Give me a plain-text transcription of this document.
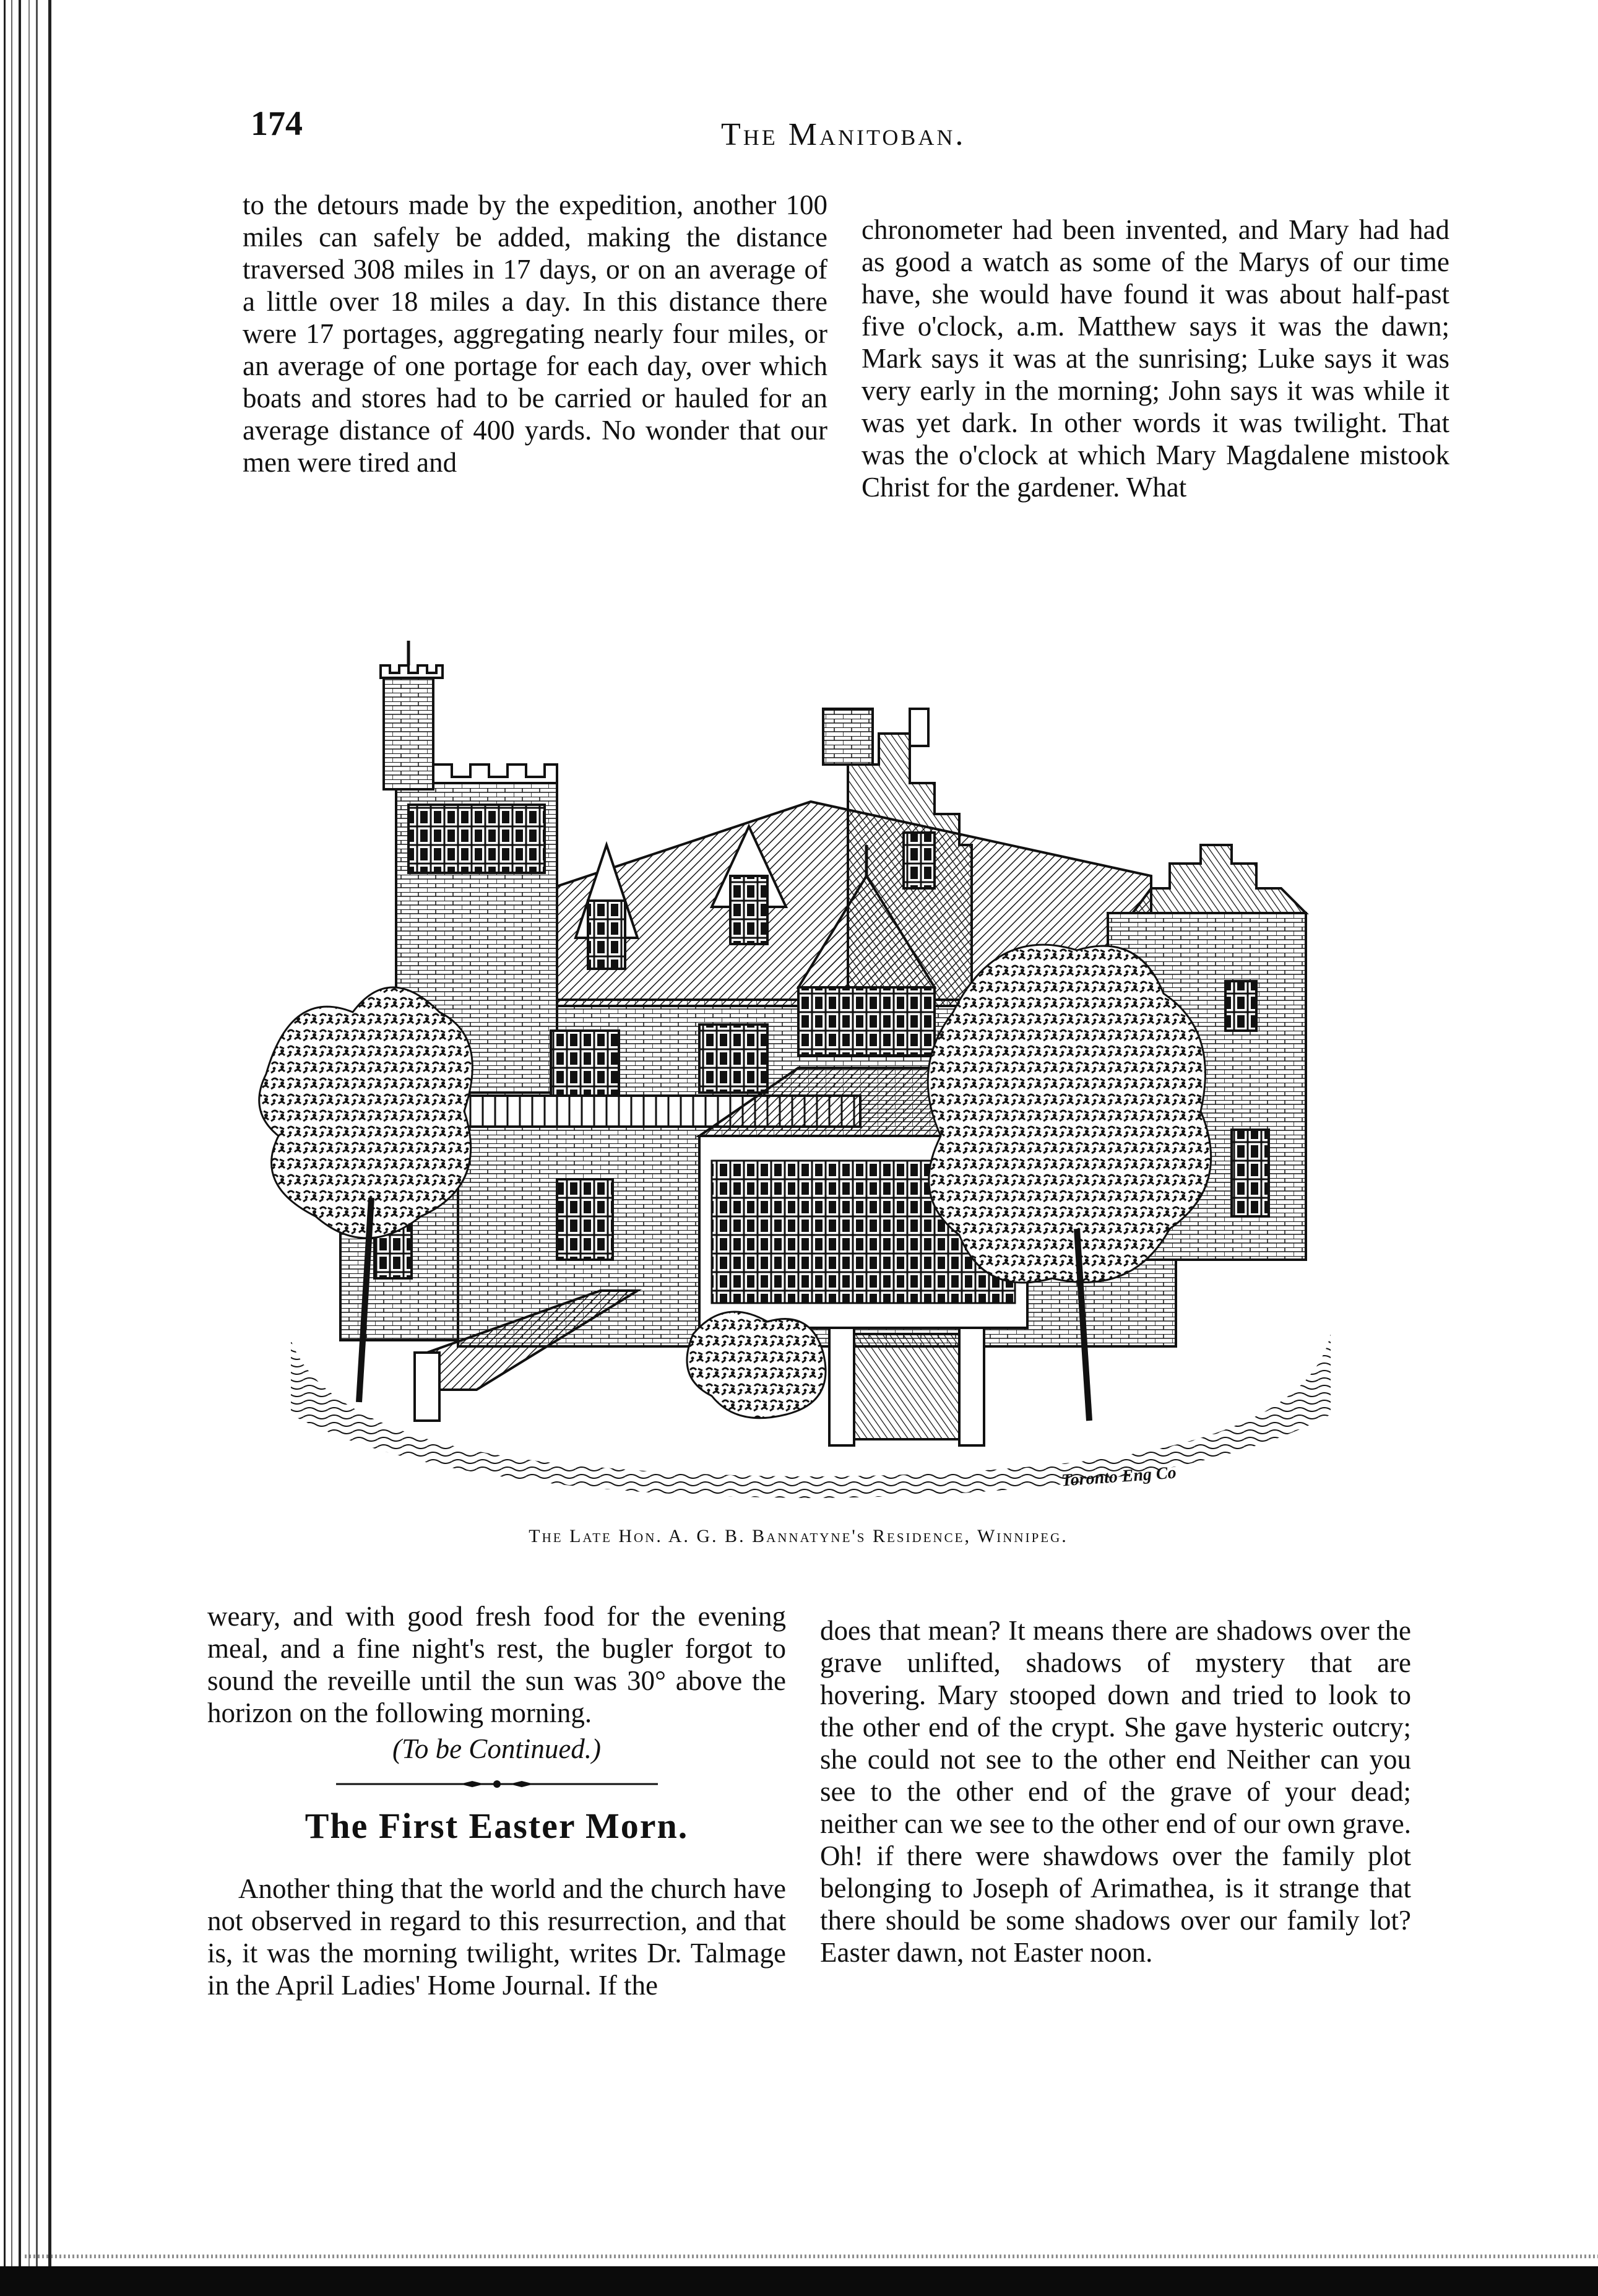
174	The Manitoban.

to the detours made by the expedition, another 100 miles can safely be added, making the distance traversed 308 miles in 17 days, or on an average of a little over 18 miles a day. In this distance there were 17 portages, aggregating nearly four miles, or an average of one portage for each day, over which boats and stores had to be carried or hauled for an average distance of 400 yards. No wonder that our men were tired and

chronometer had been invented, and Mary had had as good a watch as some of the Marys of our time have, she would have found it was about half-past five o'clock, a.m. Matthew says it was the dawn; Mark says it was at the sunrising; Luke says it was very early in the morning; John says it was while it was yet dark. In other words it was twilight. That was the o'clock at which Mary Magdalene mistook Christ for the gardener. What

Toronto Eng Co
The Late Hon. A. G. B. Bannatyne's Residence, Winnipeg.

weary, and with good fresh food for the evening meal, and a fine night's rest, the bugler forgot to sound the reveille until the sun was 30° above the horizon on the following morning.

(To be Continued.)

The First Easter Morn.

Another thing that the world and the church have not observed in regard to this resurrection, and that is, it was the morning twilight, writes Dr. Talmage in the April Ladies' Home Journal. If the

does that mean? It means there are shadows over the grave unlifted, shadows of mystery that are hovering. Mary stooped down and tried to look to the other end of the crypt. She gave hysteric outcry; she could not see to the other end Neither can you see to the other end of the grave of your dead; neither can we see to the other end of our own grave. Oh! if there were shawdows over the family plot belonging to Joseph of Arimathea, is it strange that there should be some shadows over our family lot? Easter dawn, not Easter noon.
